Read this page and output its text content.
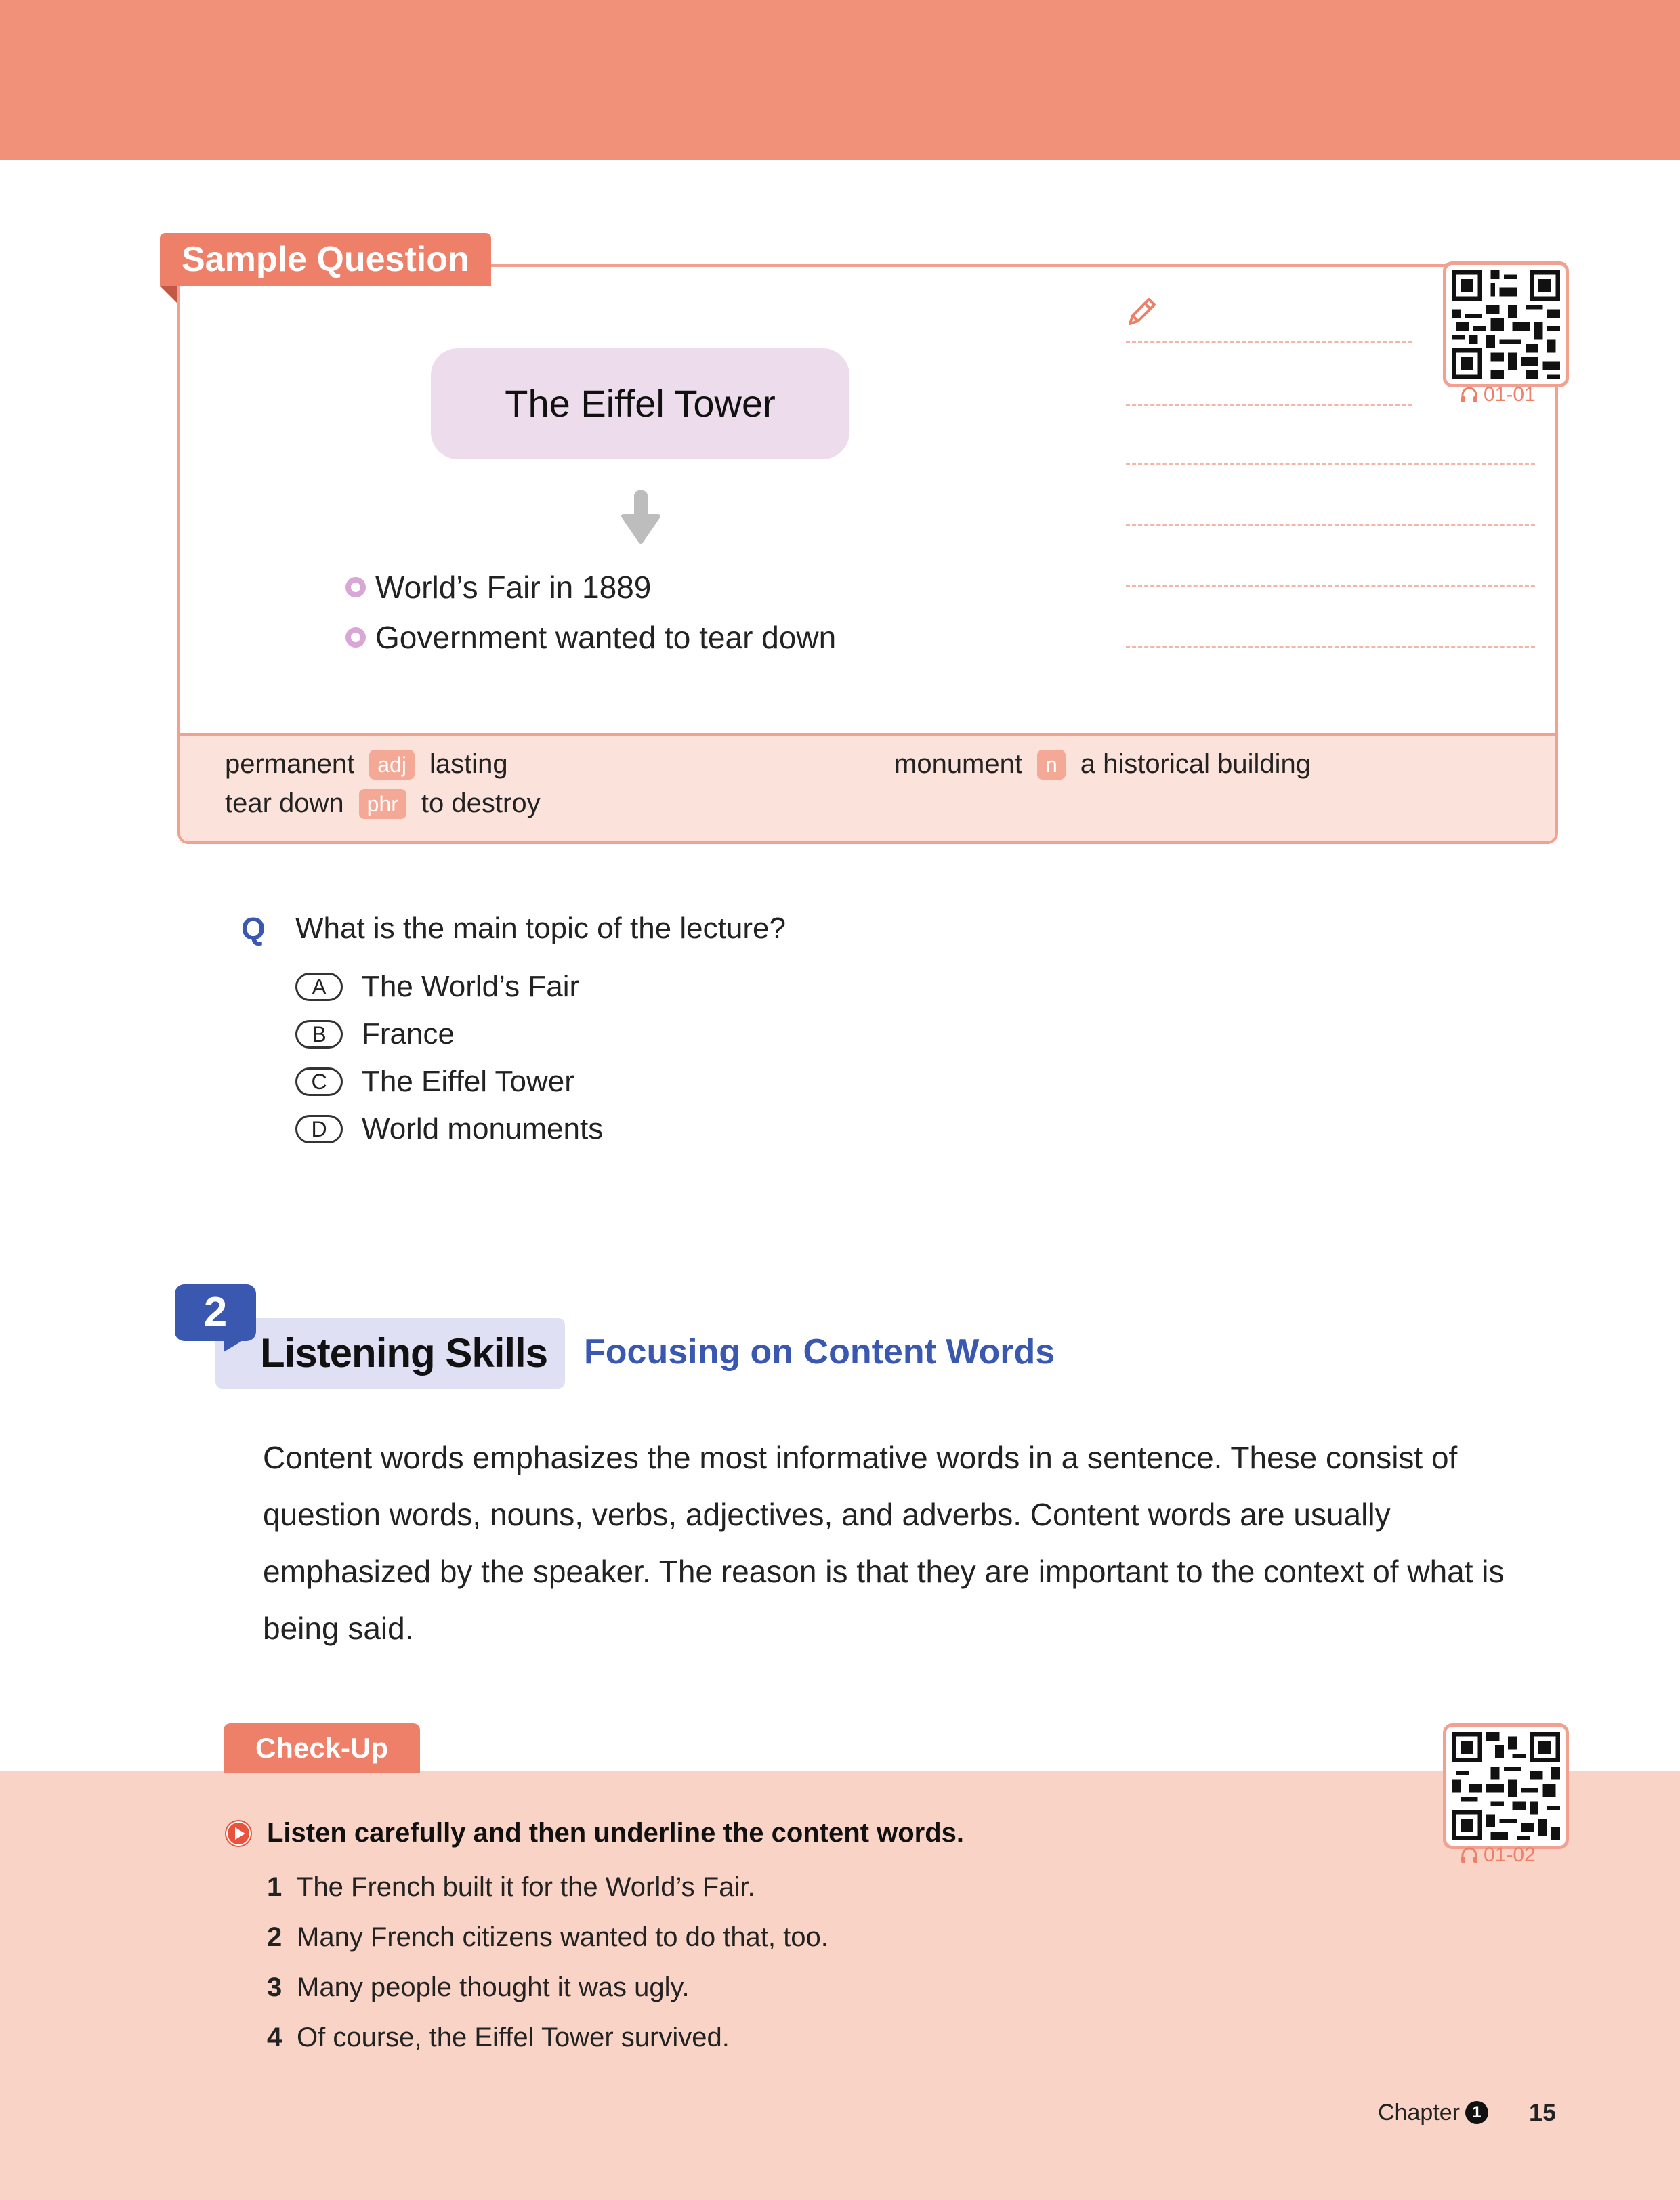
permanent	adj lasting
tear down	phr to destroy
monument	n a historical building
Sample Question
The Eiffel Tower
World’s Fair in 1889
Government wanted to tear down
01-01
Q What is the main topic of the lecture?
A	The World’s Fair
B	France
C	The Eiffel Tower
D	World monuments
Listening Skills
2
Focusing on Content Words

Content words emphasizes the most informative words in a sentence. These consist of question words, nouns, verbs, adjectives, and adverbs. Content words are usually emphasized by the speaker. The reason is that they are important to the context of what is being said.

Check-Up
01-02
Listen carefully and then underline the content words.
1 The French built it for the World’s Fair.
2 Many French citizens wanted to do that, too.
3 Many people thought it was ugly.
4 Of course, the Eiffel Tower survived.
Chapter 1 15
